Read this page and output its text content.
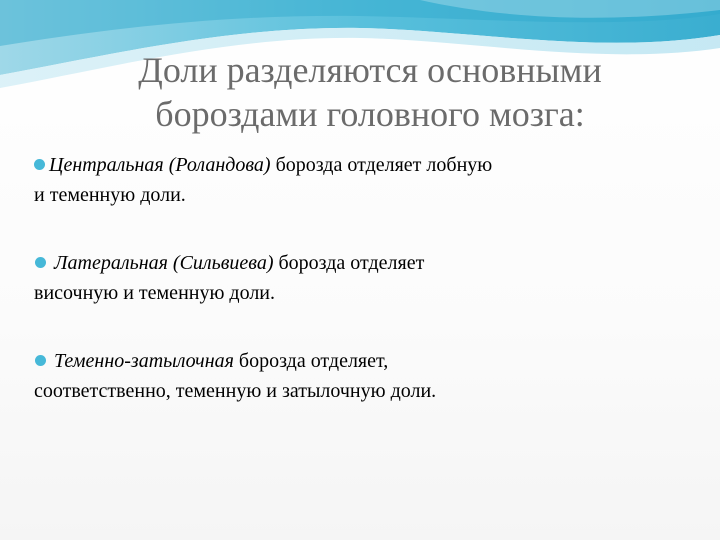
Доли разделяются основными
бороздами головного мозга:
Центральная (Роландова) борозда отделяет лобную
и теменную доли.
Латеральная (Сильвиева) борозда отделяет
височную и теменную доли.
Теменно-затылочная борозда отделяет,
соответственно, теменную и затылочную доли.
